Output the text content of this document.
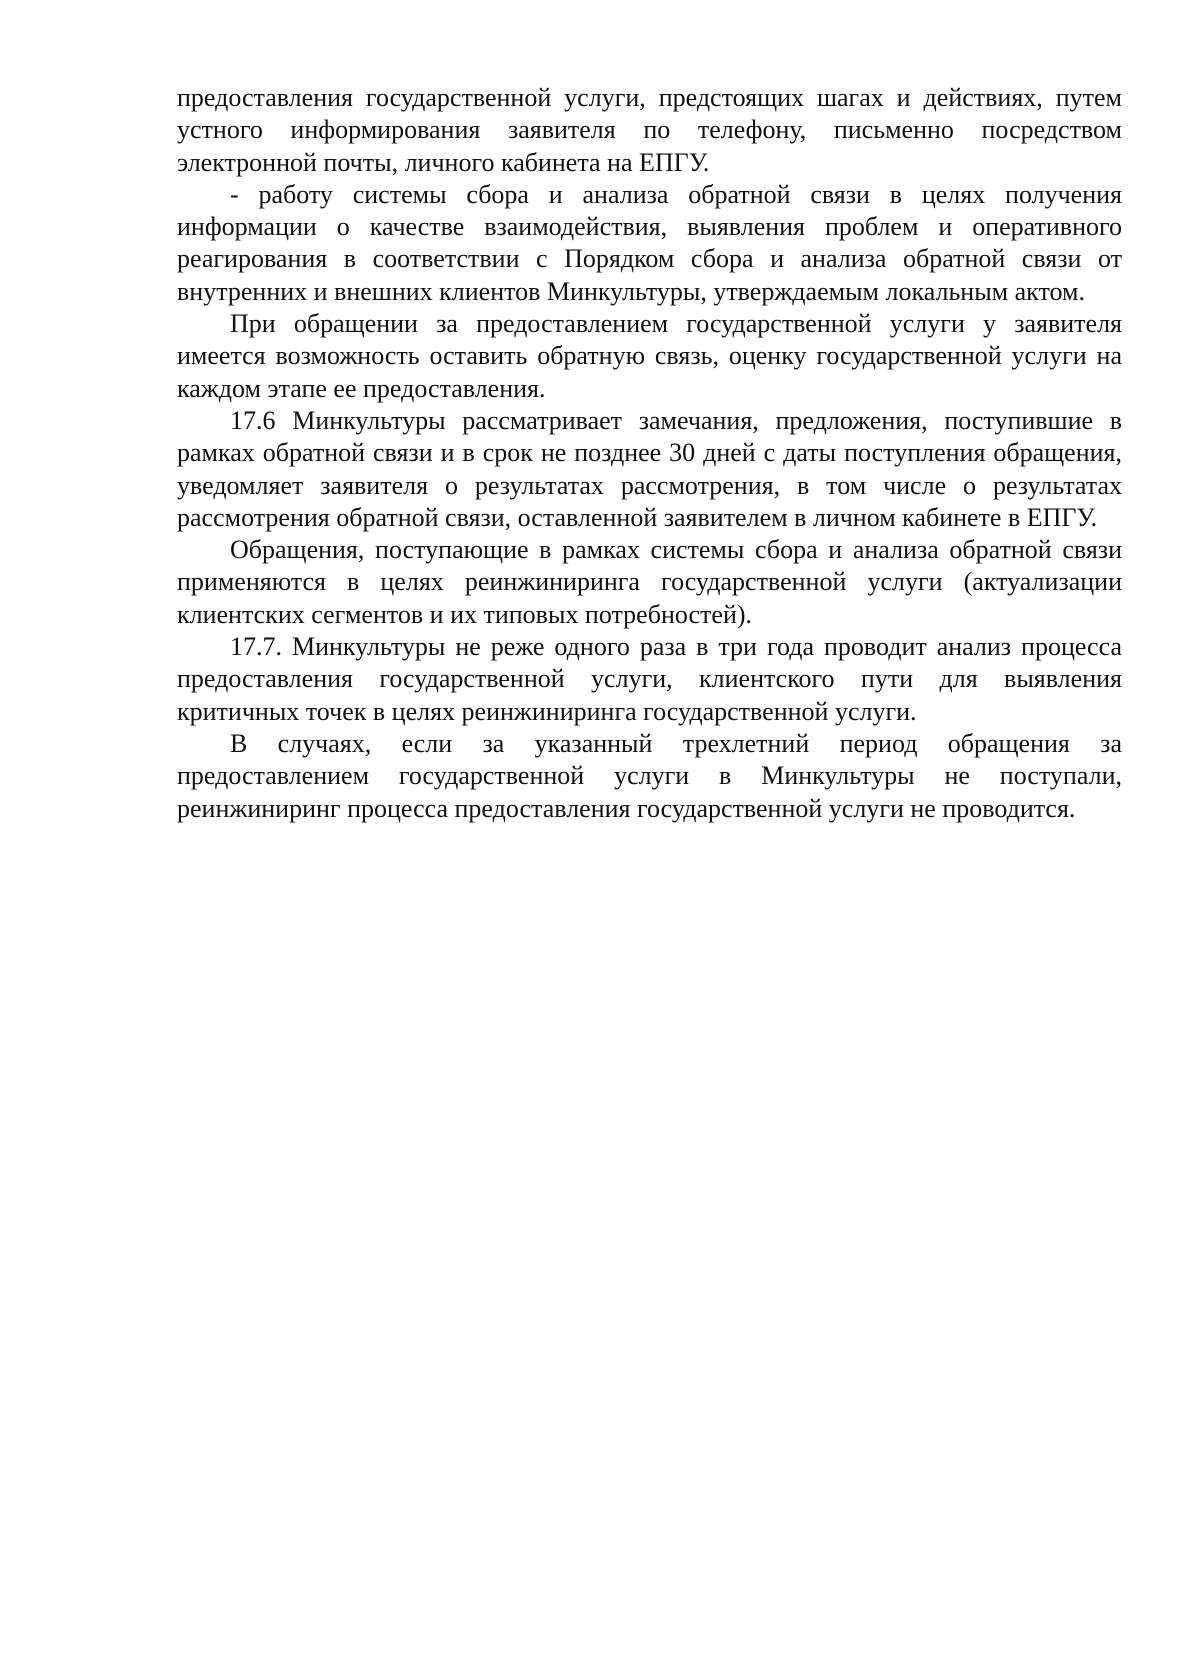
предоставления государственной услуги, предстоящих шагах и действиях, путем устного информирования заявителя по телефону, письменно посредством электронной почты, личного кабинета на ЕПГУ.

- работу системы сбора и анализа обратной связи в целях получения информации о качестве взаимодействия, выявления проблем и оперативного реагирования в соответствии с Порядком сбора и анализа обратной связи от внутренних и внешних клиентов Минкультуры, утверждаемым локальным актом.

При обращении за предоставлением государственной услуги у заявителя имеется возможность оставить обратную связь, оценку государственной услуги на каждом этапе ее предоставления.

17.6 Минкультуры рассматривает замечания, предложения, поступившие в рамках обратной связи и в срок не позднее 30 дней с даты поступления обращения, уведомляет заявителя о результатах рассмотрения, в том числе о результатах рассмотрения обратной связи, оставленной заявителем в личном кабинете в ЕПГУ.

Обращения, поступающие в рамках системы сбора и анализа обратной связи применяются в целях реинжиниринга государственной услуги (актуализации клиентских сегментов и их типовых потребностей).

17.7. Минкультуры не реже одного раза в три года проводит анализ процесса предоставления государственной услуги, клиентского пути для выявления критичных точек в целях реинжиниринга государственной услуги.

В случаях, если за указанный трехлетний период обращения за предоставлением государственной услуги в Минкультуры не поступали, реинжиниринг процесса предоставления государственной услуги не проводится.
